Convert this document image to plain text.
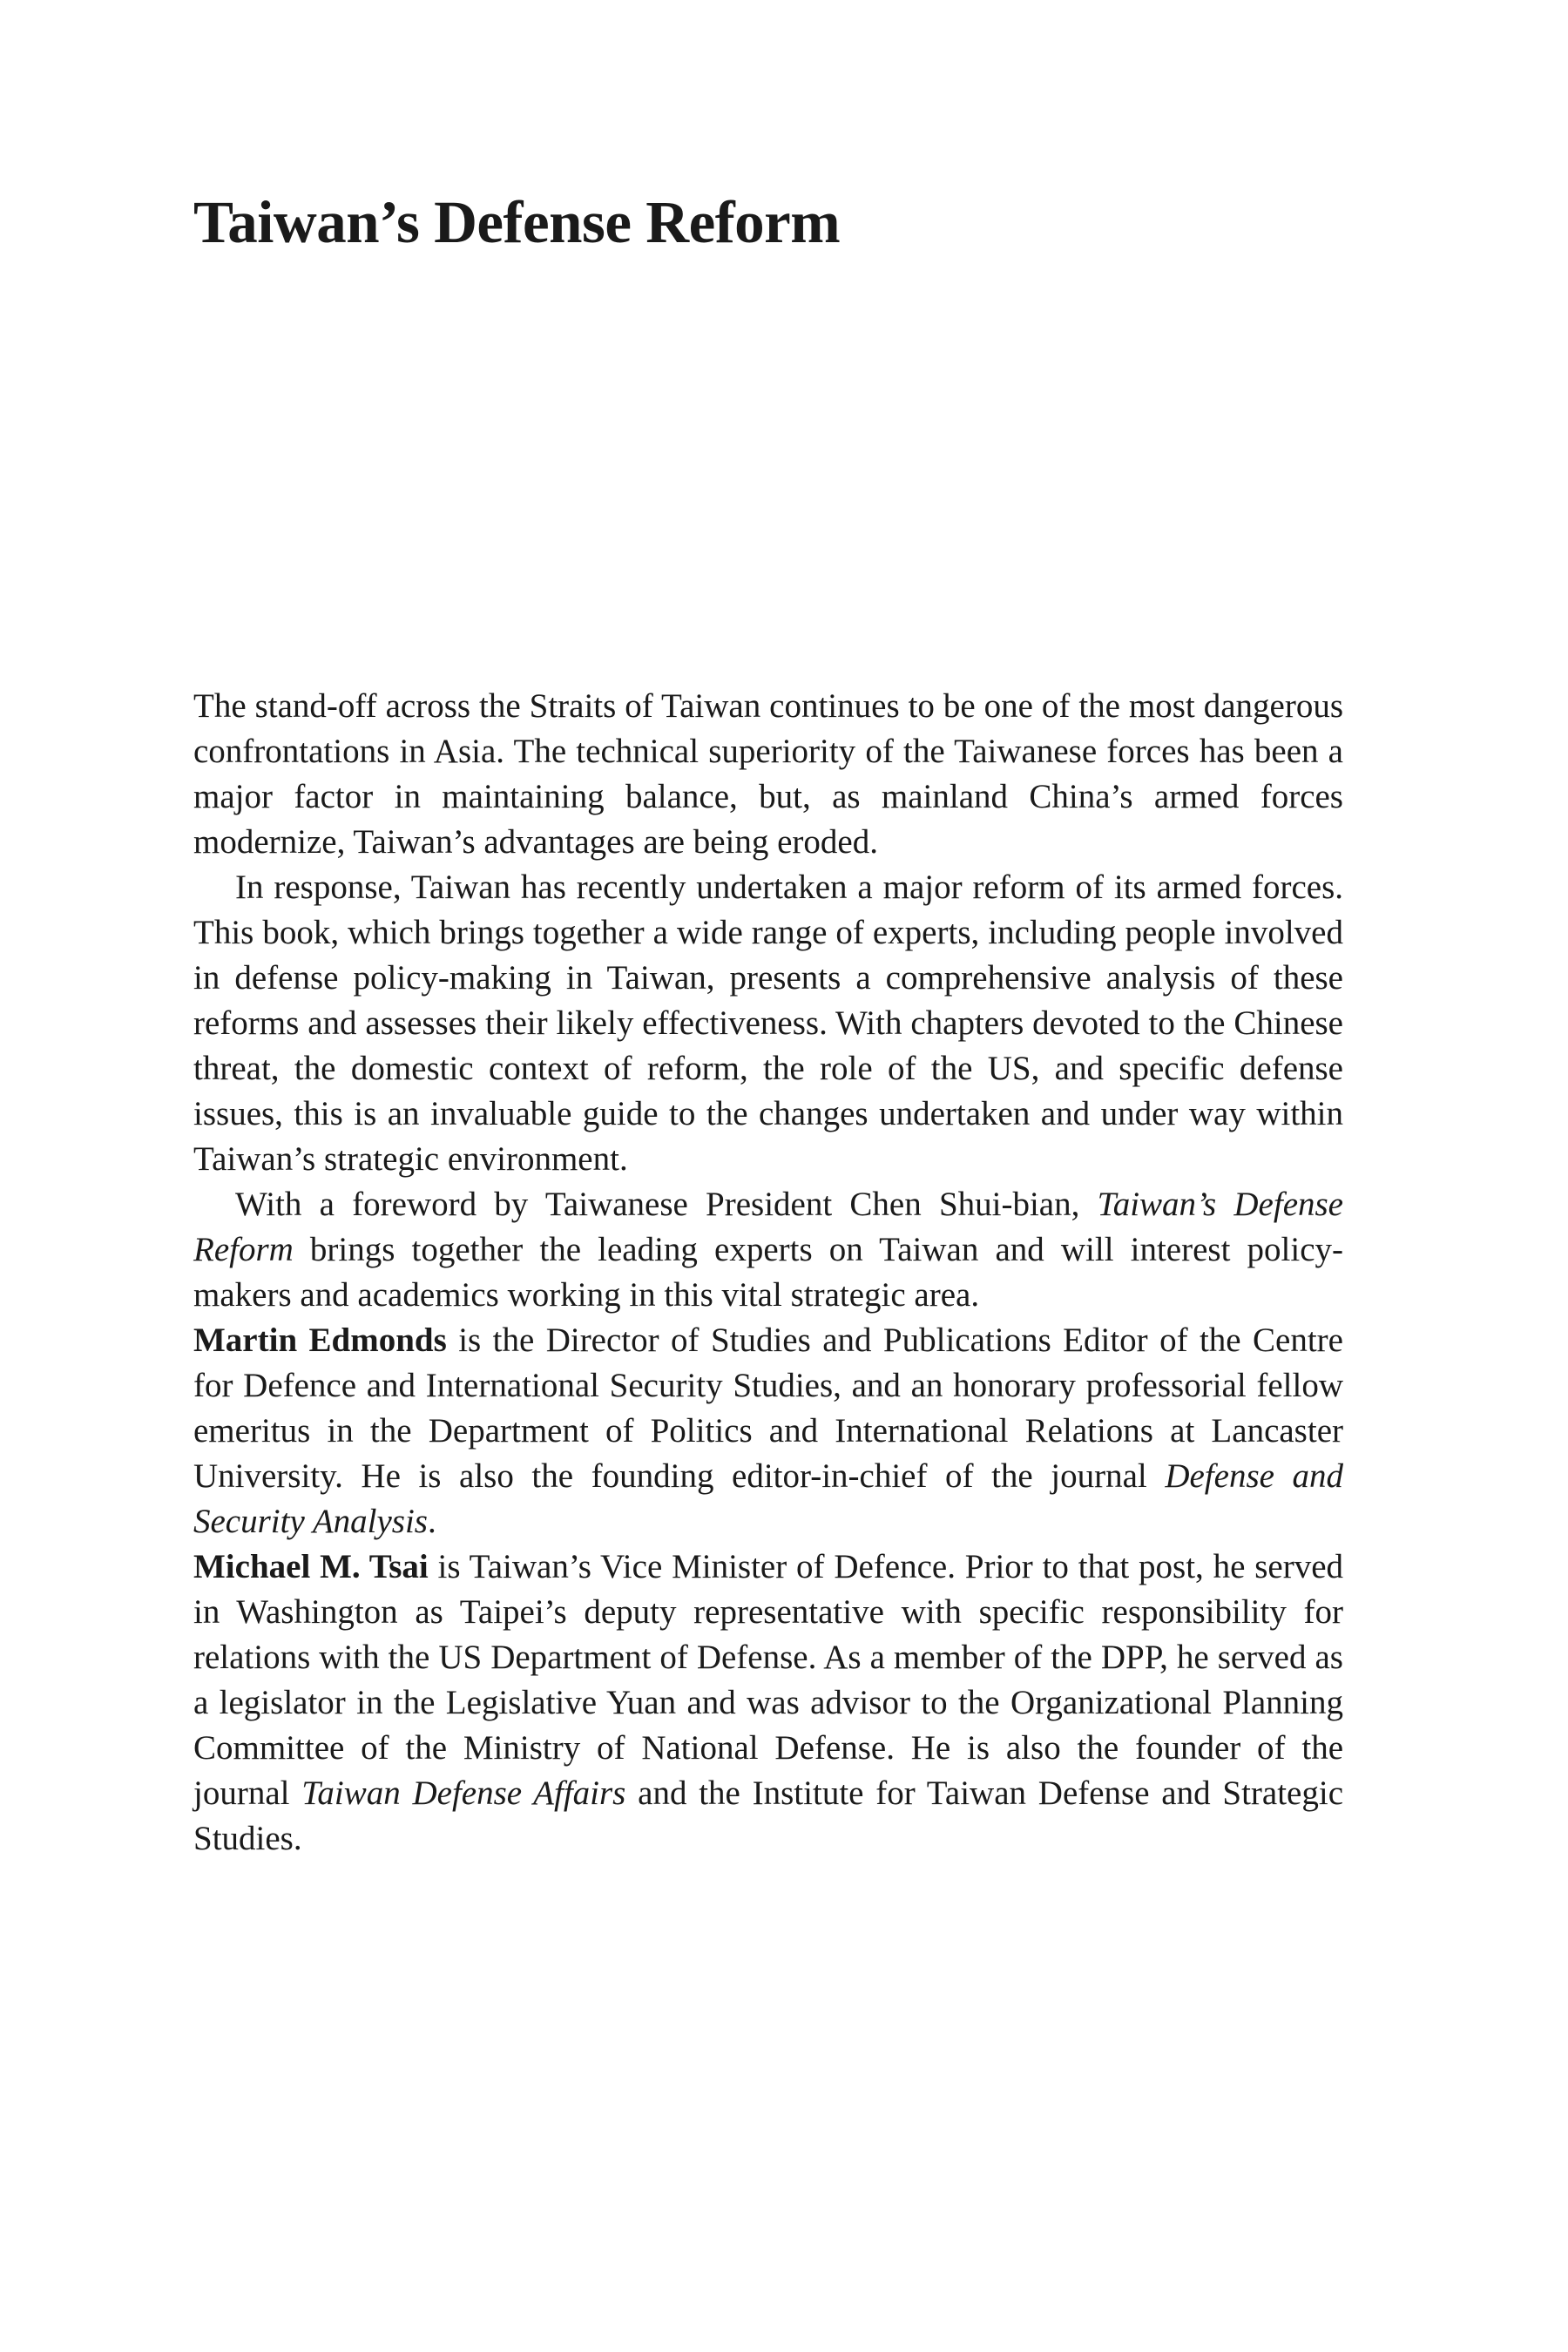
Taiwan’s Defense Reform

The stand-off across the Straits of Taiwan continues to be one of the most dangerous confrontations in Asia. The technical superiority of the Taiwanese forces has been a major factor in maintaining balance, but, as mainland China’s armed forces modernize, Taiwan’s advantages are being eroded.

In response, Taiwan has recently undertaken a major reform of its armed forces. This book, which brings together a wide range of experts, including people involved in defense policy-making in Taiwan, presents a comprehensive analysis of these reforms and assesses their likely effectiveness. With chapters devoted to the Chinese threat, the domestic context of reform, the role of the US, and specific defense issues, this is an invaluable guide to the changes undertaken and under way within Taiwan’s strategic environment.

With a foreword by Taiwanese President Chen Shui-bian, Taiwan’s Defense Reform brings together the leading experts on Taiwan and will interest policy-makers and academics working in this vital strategic area.

Martin Edmonds is the Director of Studies and Publications Editor of the Centre for Defence and International Security Studies, and an honorary professorial fellow emeritus in the Department of Politics and International Relations at Lancaster University. He is also the founding editor-in-chief of the journal Defense and Security Analysis.

Michael M. Tsai is Taiwan’s Vice Minister of Defence. Prior to that post, he served in Washington as Taipei’s deputy representative with specific responsibility for relations with the US Department of Defense. As a member of the DPP, he served as a legislator in the Legislative Yuan and was advisor to the Organizational Planning Committee of the Ministry of National Defense. He is also the founder of the journal Taiwan Defense Affairs and the Institute for Taiwan Defense and Strategic Studies.
